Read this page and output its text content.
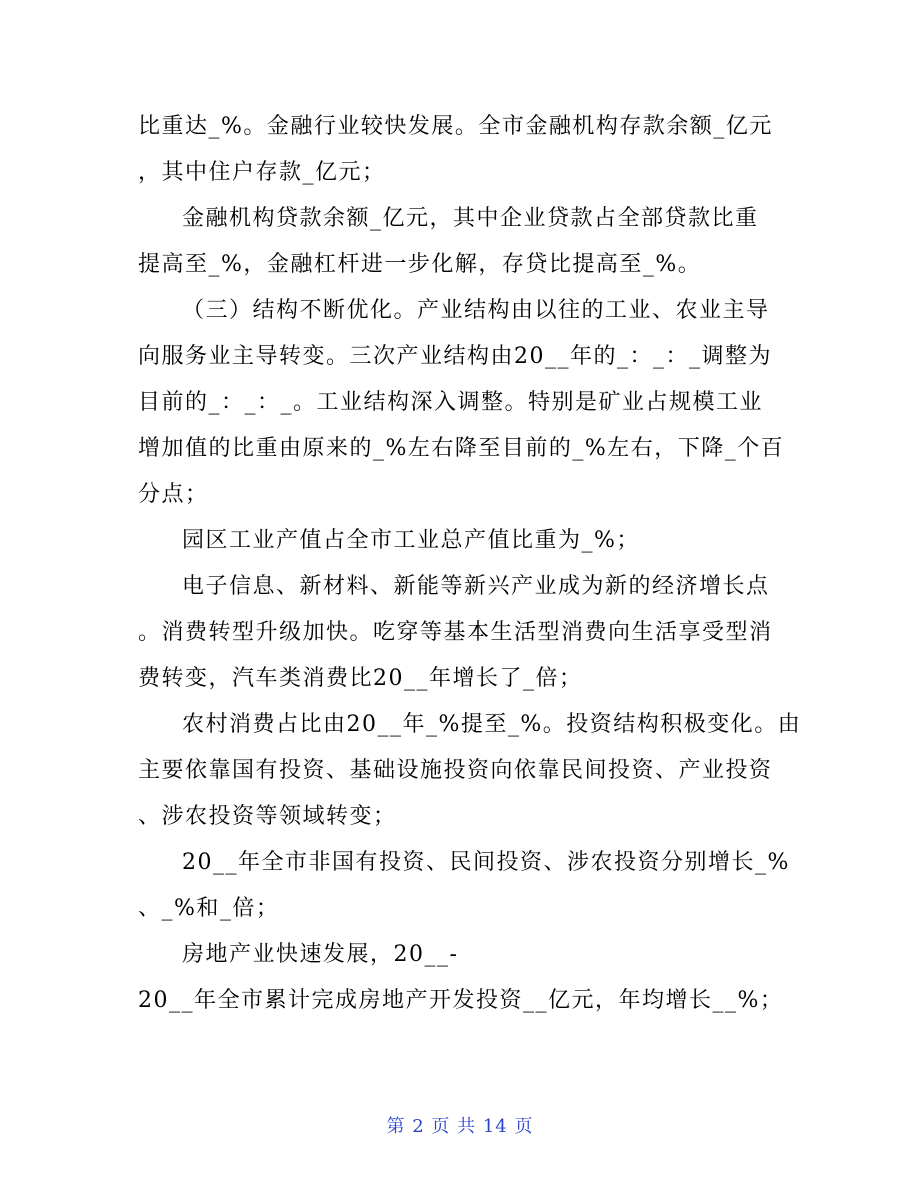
比重达_%。金融行业较快发展。全市金融机构存款余额_亿元
，其中住户存款_亿元；
金融机构贷款余额_亿元，其中企业贷款占全部贷款比重
提高至_%，金融杠杆进一步化解，存贷比提高至_%。
（三）结构不断优化。产业结构由以往的工业、农业主导
向服务业主导转变。三次产业结构由20__年的_：_：_调整为
目前的_：_：_。工业结构深入调整。特别是矿业占规模工业
增加值的比重由原来的_%左右降至目前的_%左右，下降_个百
分点；
园区工业产值占全市工业总产值比重为_%；
电子信息、新材料、新能等新兴产业成为新的经济增长点
。消费转型升级加快。吃穿等基本生活型消费向生活享受型消
费转变，汽车类消费比20__年增长了_倍；
农村消费占比由20__年_%提至_%。投资结构积极变化。由
主要依靠国有投资、基础设施投资向依靠民间投资、产业投资
、涉农投资等领域转变；
20__年全市非国有投资、民间投资、涉农投资分别增长_%
、_%和_倍；
房地产业快速发展，20__-
20__年全市累计完成房地产开发投资__亿元，年均增长__%；
第 2 页 共 14 页
